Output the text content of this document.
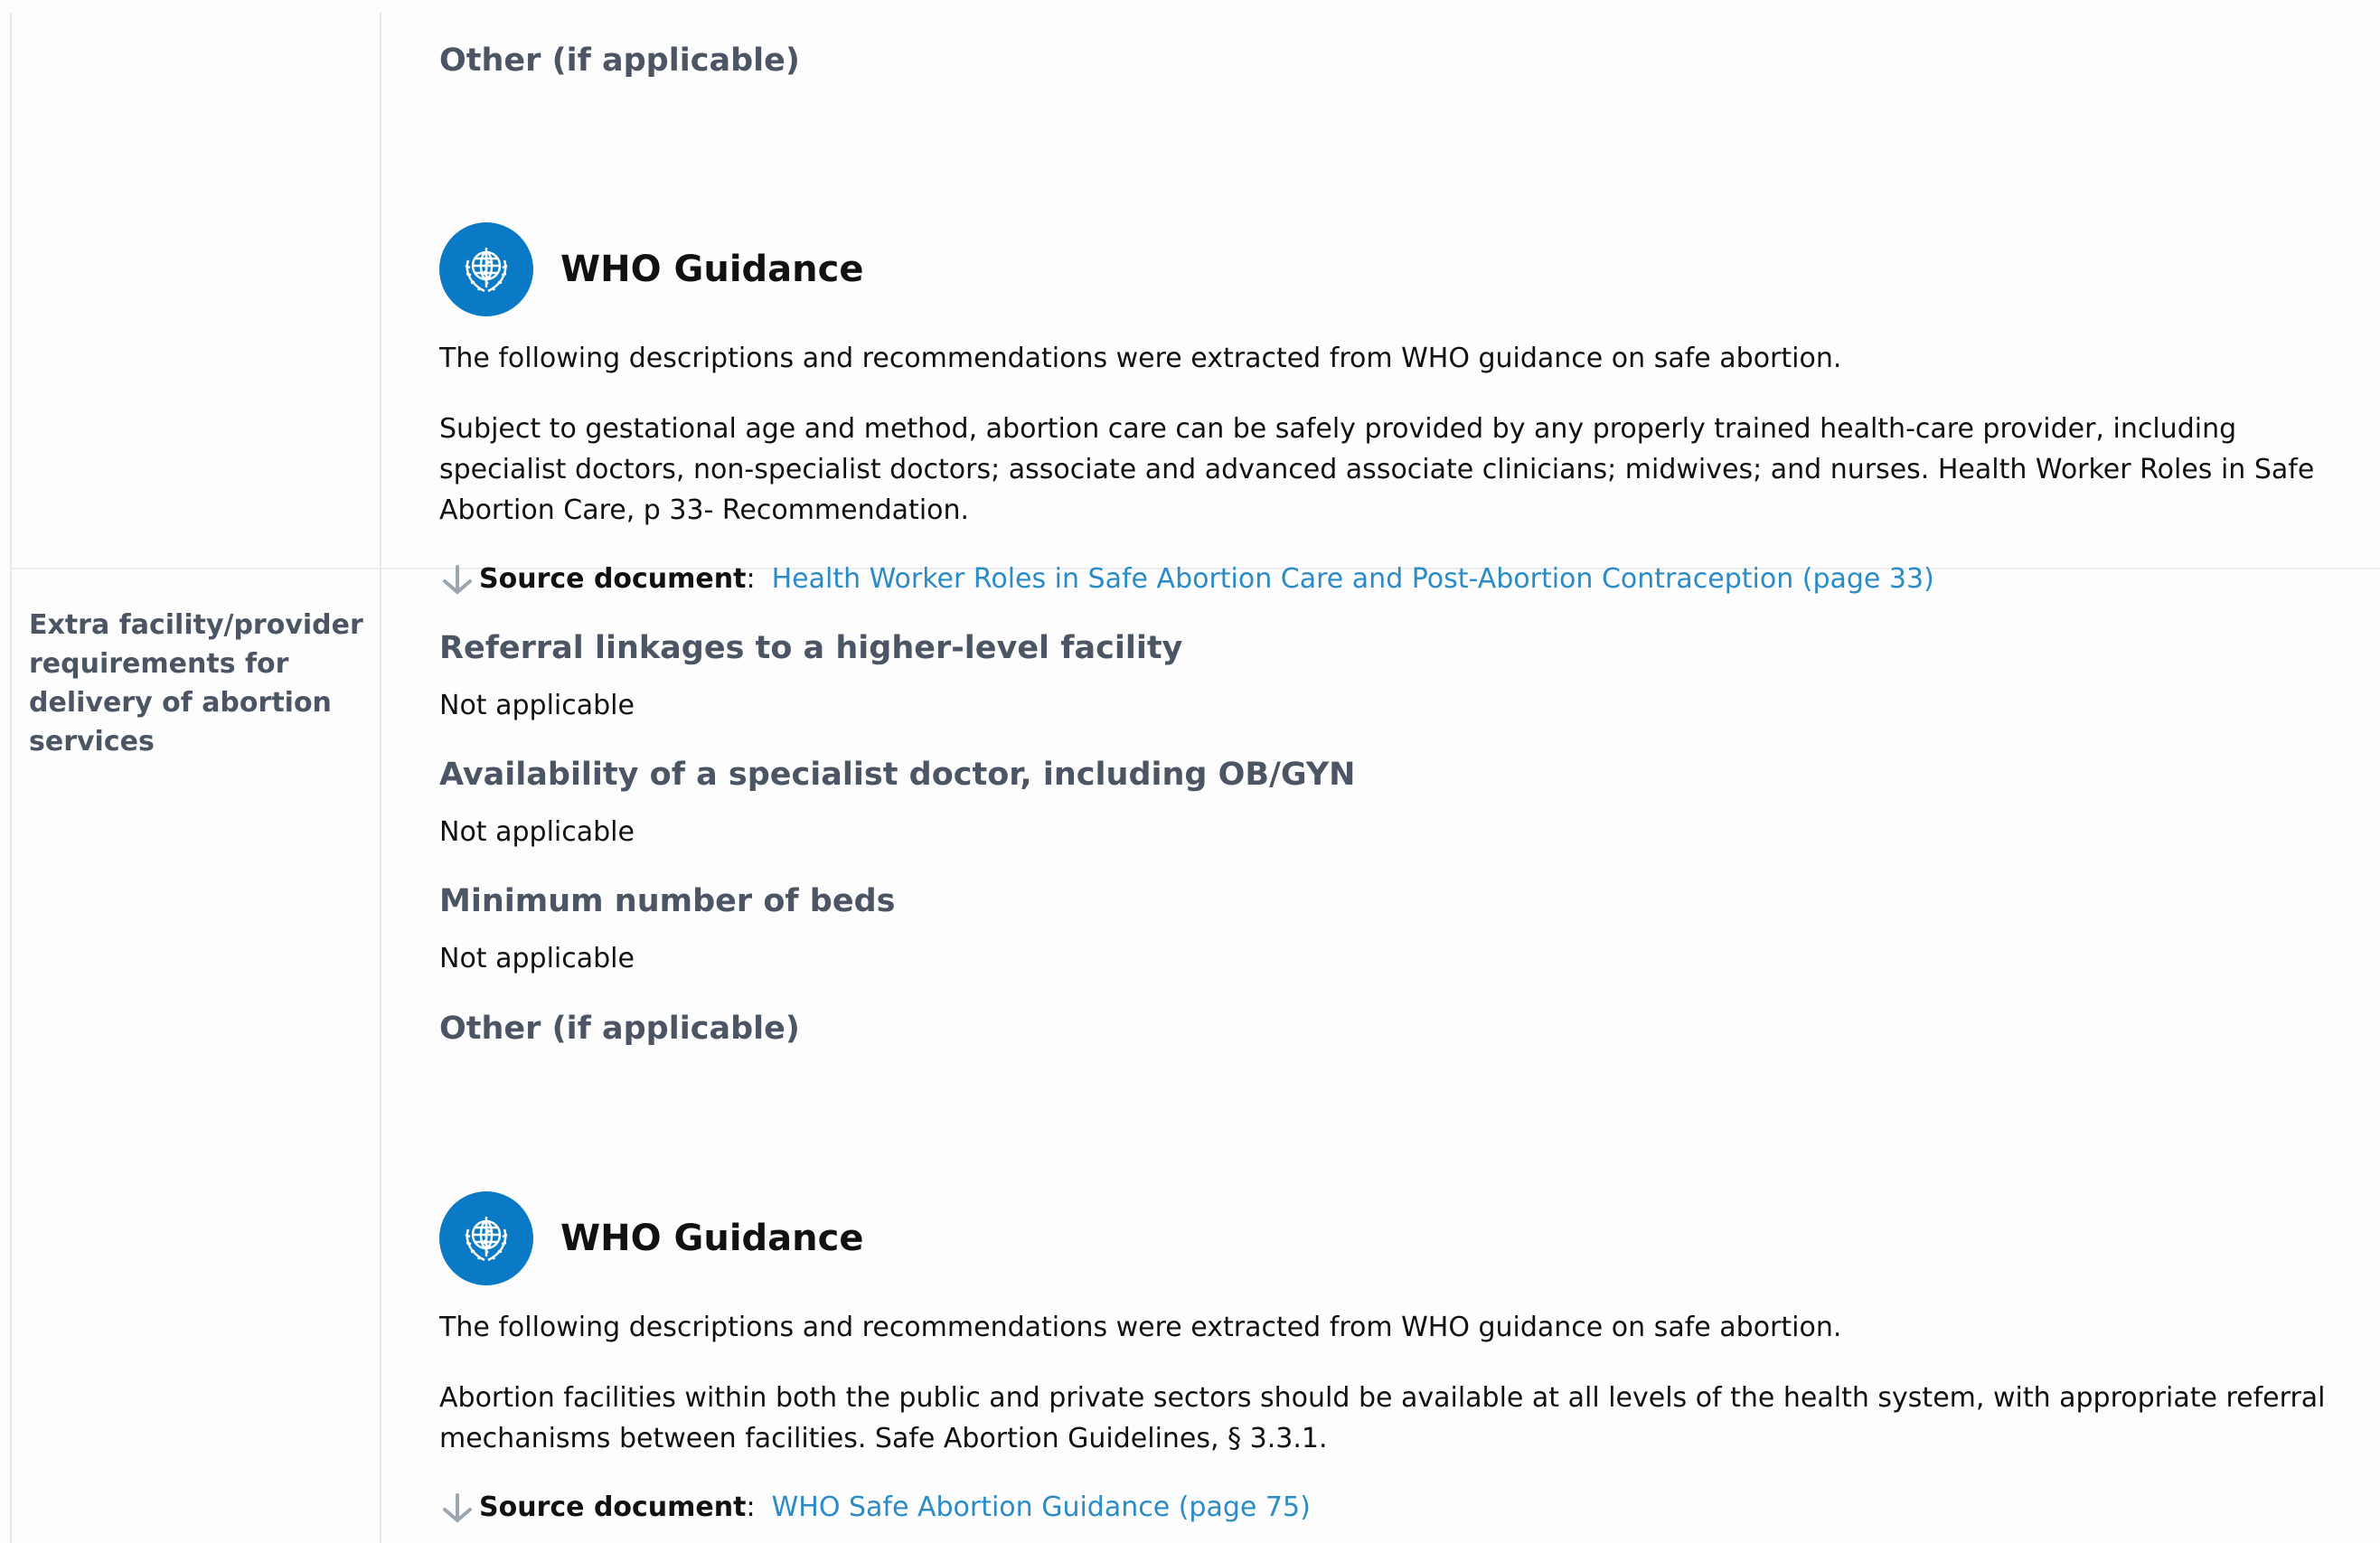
Other (if applicable)
WHO Guidance

The following descriptions and recommendations were extracted from WHO guidance on safe abortion.

Subject to gestational age and method, abortion care can be safely provided by any properly trained health-care provider, including specialist doctors, non-specialist doctors; associate and advanced associate clinicians; midwives; and nurses. Health Worker Roles in Safe Abortion Care, p 33- Recommendation.

Source document : Health Worker Roles in Safe Abortion Care and Post-Abortion Contraception (page 33)
Extra facility/provider requirements for delivery of abortion services
Referral linkages to a higher-level facility
Not applicable
Availability of a specialist doctor, including OB/GYN
Not applicable
Minimum number of beds
Not applicable
Other (if applicable)
WHO Guidance

The following descriptions and recommendations were extracted from WHO guidance on safe abortion.

Abortion facilities within both the public and private sectors should be available at all levels of the health system, with appropriate referral mechanisms between facilities. Safe Abortion Guidelines, § 3.3.1.

Source document : WHO Safe Abortion Guidance (page 75)
